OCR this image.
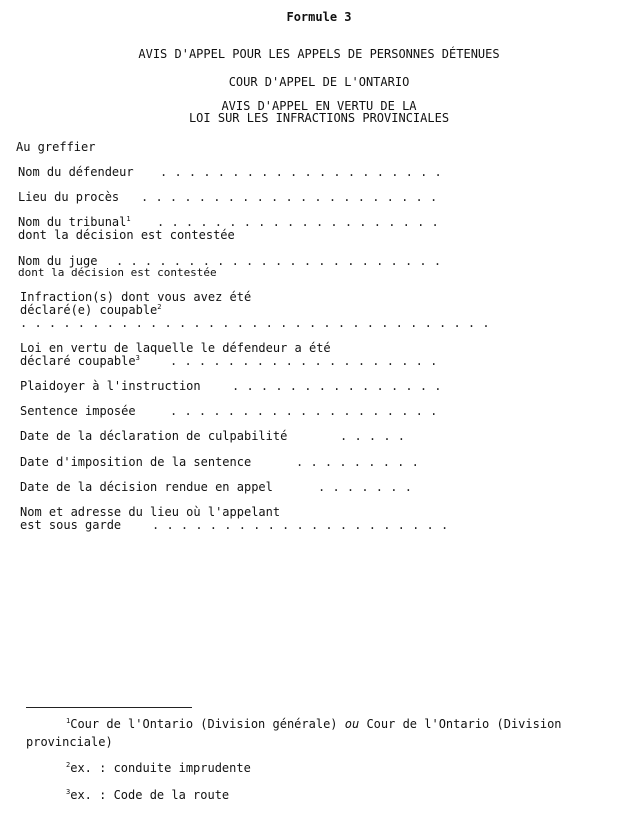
Formule 3
AVIS D'APPEL POUR LES APPELS DE PERSONNES DÉTENUES
COUR D'APPEL DE L'ONTARIO
AVIS D'APPEL EN VERTU DE LA
LOI SUR LES INFRACTIONS PROVINCIALES
Au greffier
Nom du défendeur . . . . . . . . . . . . . . . . . . . .
Lieu du procès . . . . . . . . . . . . . . . . . . . . .
Nom du tribunal$^1$ . . . . . . . . . . . . . . . . . . . .
dont la décision est contestée
Nom du juge . . . . . . . . . . . . . . . . . . . . . . .
dont la décision est contestée
Infraction(s) dont vous avez été
déclaré(e) coupable$^2$
. . . . . . . . . . . . . . . . . . . . . . . . . . . . . . . . .
Loi en vertu de laquelle le défendeur a été
déclaré coupable$^3$	. . . . . . . . . . . . . . . . . . .
Plaidoyer à l'instruction	. . . . . . . . . . . . . . .
Sentence imposée	. . . . . . . . . . . . . . . . . . .
Date de la déclaration de culpabilité	. . . . .
Date d'imposition de la sentence	. . . . . . . . .
Date de la décision rendue en appel	. . . . . . .
Nom et adresse du lieu où l'appelant
est sous garde	. . . . . . . . . . . . . . . . . . . . .
$^1$Cour de l'Ontario (Division générale) ou Cour de l'Ontario (Division
provinciale)
$^2$ex. : conduite imprudente
$^3$ex. : Code de la route
